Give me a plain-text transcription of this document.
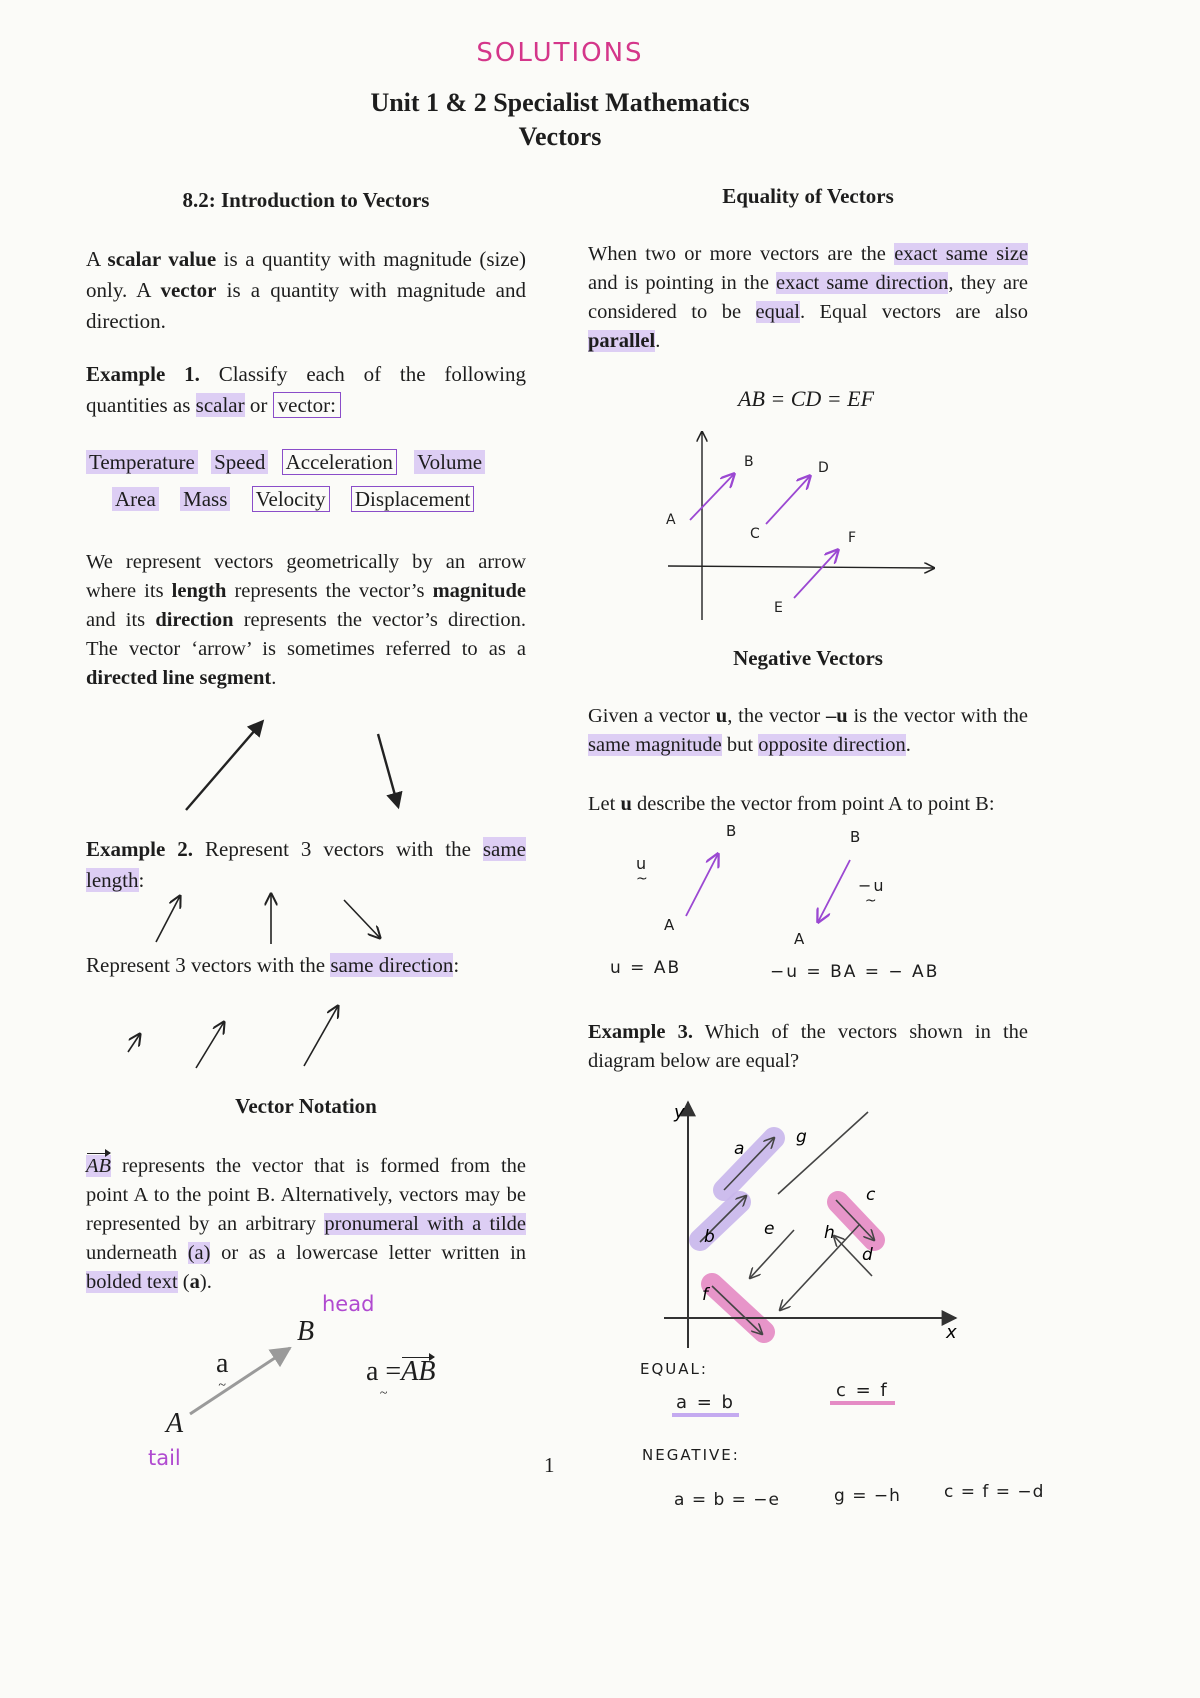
SOLUTIONS
Unit 1 & 2 Specialist Mathematics
Vectors
8.2: Introduction to Vectors
A scalar value is a quantity with magnitude (size) only. A vector is a quantity with magnitude and direction.
Example 1. Classify each of the following quantities as scalar or vector:
Temperature Speed Acceleration Volume
Area Mass Velocity Displacement
We represent vectors geometrically by an arrow where its length represents the vector’s magnitude and its direction represents the vector’s direction. The vector ‘arrow’ is sometimes referred to as a directed line segment.
Example 2. Represent 3 vectors with the same length:
Represent 3 vectors with the same direction:
Vector Notation
AB represents the vector that is formed from the point A to the point B. Alternatively, vectors may be represented by an arbitrary pronumeral with a tilde underneath (a) or as a lowercase letter written in bolded text (a).
head
B
a ~	a = ~AB
A
tail	1
Equality of Vectors
When two or more vectors are the exact same size and is pointing in the exact same direction, they are considered to be equal. Equal vectors are also parallel.
AB = CD = EF
A
B
C
D
E
F
Negative Vectors
Given a vector u, the vector –u is the vector with the same magnitude but opposite direction.
Let u describe the vector from point A to point B:
u ~
−u ~
B	B
A
A
u = AB	−u = BA = − AB
Example 3. Which of the vectors shown in the diagram below are equal?
x
y
a
b
c
d
e
f
g
h
EQUAL:
a = b
c = f
NEGATIVE:
a = b = −e	g = −h	c = f = −d
